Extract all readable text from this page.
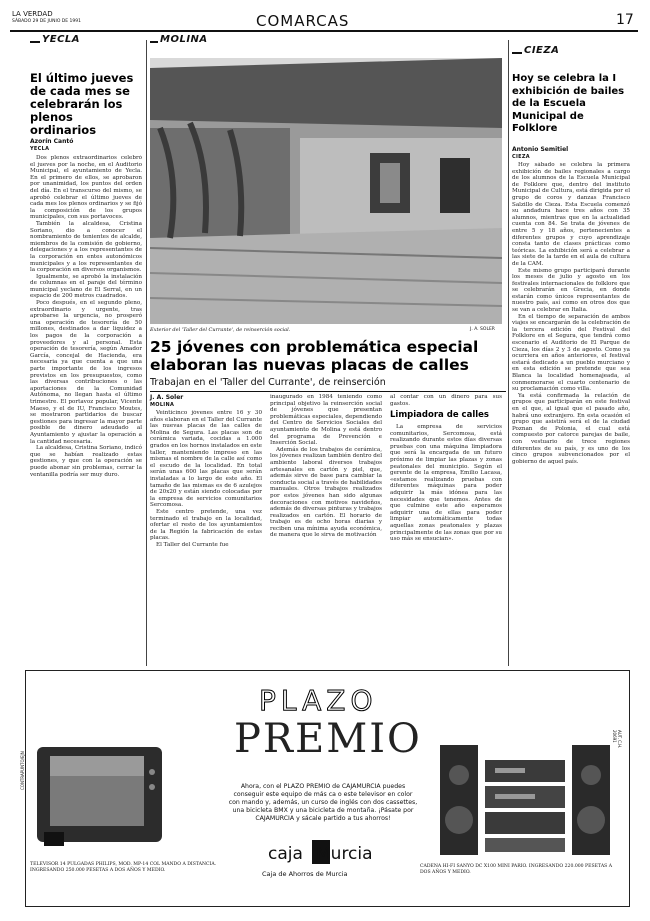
LA VERDAD
SÁBADO 29 DE JUNIO DE 1991	COMARCAS	17
YECLA
El último jueves de cada mes se celebrarán los plenos ordinarios
Azorín Cantó
YECLA

Dos plenos extraordinarios celebró el jueves por la noche, en el Auditorio Municipal, el ayuntamiento de Yecla. En el primero de ellos, se aprobaron por unanimidad, los puntos del orden del día. En el transcurso del mismo, se aprobó celebrar el último jueves de cada mes los plenos ordinarios y se fijó la composición de los grupos municipales, con sus portavoces.

También la alcaldesa, Cristina Soriano, dio a conocer el nombramiento de tenientes de alcalde, miembros de la comisión de gobierno, delegaciones y a los representantes de la corporación en entes autonómicos municipales y a los representantes de la corporación en diversos organismos.

Igualmente, se aprobó la instalación de columnas en el paraje del término municipal yeclano de El Serral, en un espacio de 200 metros cuadrados.

Poco después, en el segundo pleno, extraordinario y urgente, tras aprobarse la urgencia, no prosperó una operación de tesorería de 50 millones, destinados a dar liquidez a los pagos de la corporación a proveedores y al personal. Esta operación de tesorería, según Amador García, concejal de Hacienda, era necesaria ya que cuenta a que una parte importante de los ingresos previstos en los presupuestos, como las diversas contribuciones o las aportaciones de la Comunidad Autónoma, no llegan hasta el último trimestre. El portavoz popular, Vicente Maeso, y el de IU, Francisco Moutes, se mostraron partidarios de buscar gestiones para ingresar la mayor parte posible de dinero adeudado al Ayuntamiento y ajustar la operación a la cantidad necesaria.

La alcaldesa, Cristina Soriano, indicó que se habían realizado estas gestiones, y que con la operación se puede abonar sin problemas, cerrar la ventanilla podría ser muy duro.

MOLINA
Exterior del 'Taller del Currante', de reinserción social.	J. A. SOLER
25 jóvenes con problemática especial elaboran las nuevas placas de calles
Trabajan en el 'Taller del Currante', de reinserción
J. A. Soler
MOLINA

Veinticinco jóvenes entre 16 y 30 años elaboran en el Taller del Currante las nuevas placas de las calles de Molina de Segura. Las placas son de cerámica variada, cocidas a 1.000 grados en los hornos instalados en este taller, manteniendo impreso en las mismas el nombre de la calle así como el escudo de la localidad. En total serán unas 600 las placas que serán instaladas a lo largo de este año. El tamaño de las mismas es de 6 azulejos de 20x20 y están siendo colocadas por la empresa de servicios comunitarios Sercomosa.

Este centro pretende, una vez terminado el trabajo en la localidad, ofertar el resto de los ayuntamientos de la Región la fabricación de estas placas.

El Taller del Currante fue

inaugurado en 1984 teniendo como principal objetivo la reinserción social de jóvenes que presentan problemáticas especiales, dependiendo del Centro de Servicios Sociales del ayuntamiento de Molina y está dentro del programa de Prevención e Inserción Social.

Además de los trabajos de cerámica, los jóvenes realizan también dentro del ambiente laboral diversos trabajos artesanales en cartón y piel, que, además sirve de base para cambiar la conducta social a través de habilidades manuales. Otros trabajos realizados por estos jóvenes han sido algunas decoraciones con motivos navideños, además de diversas pinturas y trabajos realizados en cartón. El horario de trabajo es de ocho horas diarias y reciben una mínima ayuda económica, de manera que le sirva de motivación

al contar con un dinero para sus gastos.
Limpiadora de calles

La empresa de servicios comunitarios, Sercomosa, está realizando durante estos días diversas pruebas con una máquina limpiadora que será la encargada de un futuro próximo de limpiar las plazas y zonas peatonales del municipio. Según el gerente de la empresa, Emilio Lacasa, «estamos realizando pruebas con diferentes máquinas para poder adquirir la más idónea para las necesidades que tenemos. Antes de que culmine este año esperamos adquirir una de ellas para poder limpiar automáticamente todas aquellas zonas peatonales y plazas principalmente de las zonas que por su uso más se ensucian».

CIEZA
Hoy se celebra la I exhibición de bailes de la Escuela Municipal de Folklore
Antonio Semitiel
CIEZA

Hoy sábado se celebra la primera exhibición de bailes regionales a cargo de los alumnos de la Escuela Municipal de Folklore que, dentro del instituto Municipal de Cultura, está dirigida por el grupo de coros y danzas Francisco Salzillo de Cieza. Esta Escuela comenzó su andadura hace tres años con 35 alumnos, mientras que en la actualidad cuenta con 84. Se trata de jóvenes de entre 5 y 18 años, pertenecientes a diferentes grupos y cuyo aprendizaje consta tanto de clases prácticas como teóricas. La exhibición será a celebrar a las siete de la tarde en el aula de cultura de la CAM.

Este mismo grupo participará durante los meses de julio y agosto en los festivales internacionales de folklore que se celebrarán en Grecia, en donde estarán como únicos representantes de nuestro país, así como en otros dos que se van a celebrar en Italia.

En el tiempo de separación de ambos viajes se encargarán de la celebración de la tercera edición del Festival del Folklore en el Segura, que tendrá como escenario el Auditorio de El Parque de Cieza, los días 2 y 3 de agosto. Como ya ocurriera en años anteriores, el festival estará dedicado a un pueblo murciano y en esta edición se pretende que sea Blanca la localidad homenajeada, al conmemorarse el cuarto centenario de su proclamación como villa.

Ya está confirmada la relación de grupos que participarán en este festival en el que, al igual que el pasado año, habrá uno extranjero. En esta ocasión el grupo que asistirá será el de la ciudad Poznan de Polonia, el cual está compuesto por catorce parejas de baile, con vestuario de trece regiones diferentes de su país, y es uno de los cinco grupos subvencionados por el gobierno de aquel país.

PLAZO
PREMIO
TELEVISOR 14 PULGADAS PHILIPS, MOD. MP-14 COL MANDO A DISTANCIA. INGRESANDO 250.000 PESETAS A DOS AÑOS Y MEDIO.
CONTRAPUNTO/EJN	Ahora, con el PLAZO PREMIO de CAJAMURCIA puedes conseguir este equipo de más ca o este televisor en color con mando y, además, un curso de inglés con dos cassettes, una bicicleta BMX y una bicicleta de montaña. ¡Pásate por CAJAMURCIA y sácale partido a tus ahorros!
caja Murcia
Caja de Ahorros de Murcia
CADENA HI-FI SANYO DC X100 MINI PARIO. INGRESANDO 220.000 PESETAS A DOS AÑOS Y MEDIO.
AUT. C.H. 20691
